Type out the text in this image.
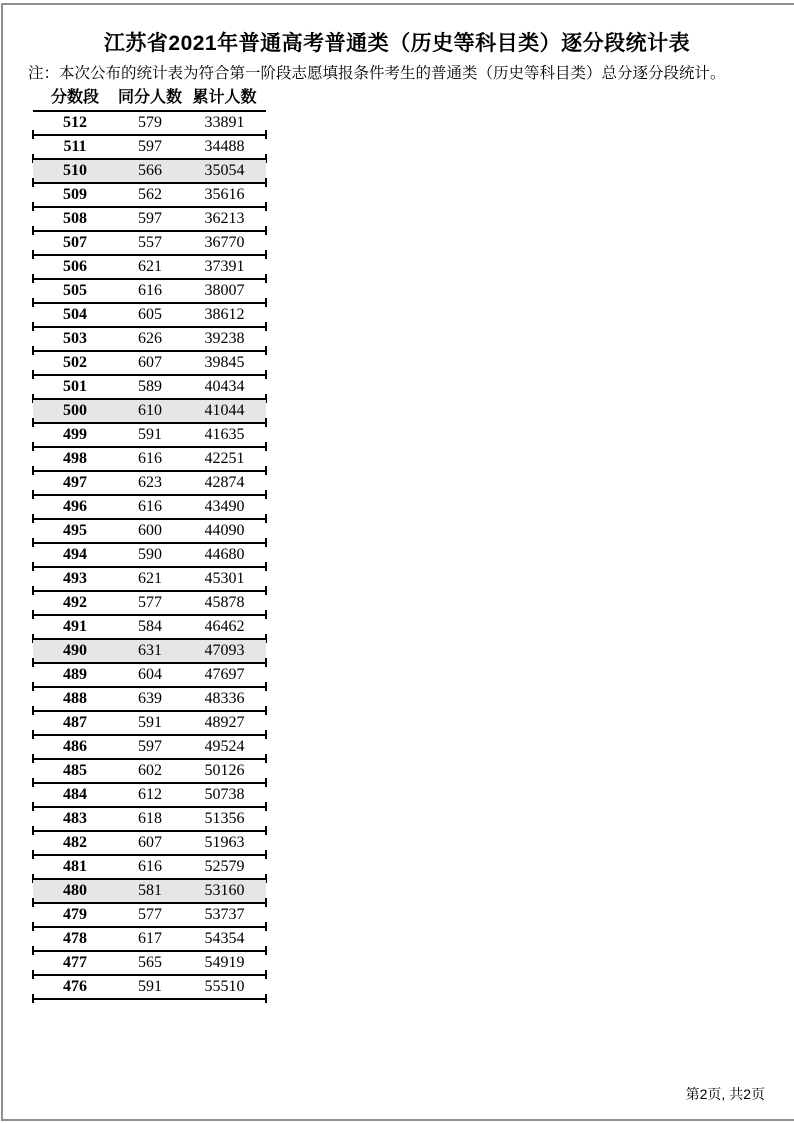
江苏省2021年普通高考普通类（历史等科目类）逐分段统计表
注：本次公布的统计表为符合第一阶段志愿填报条件考生的普通类（历史等科目类）总分逐分段统计。
分数段	同分人数 累计人数
512	579	33891
511	597	34488
510	566	35054
509	562	35616
508	597	36213
507	557	36770
506	621	37391
505	616	38007
504	605	38612
503	626	39238
502	607	39845
501	589	40434
500	610	41044
499	591	41635
498	616	42251
497	623	42874
496	616	43490
495	600	44090
494	590	44680
493	621	45301
492	577	45878
491	584	46462
490	631	47093
489	604	47697
488	639	48336
487	591	48927
486	597	49524
485	602	50126
484	612	50738
483	618	51356
482	607	51963
481	616	52579
480	581	53160
479	577	53737
478	617	54354
477	565	54919
476	591	55510
第2页, 共2页
